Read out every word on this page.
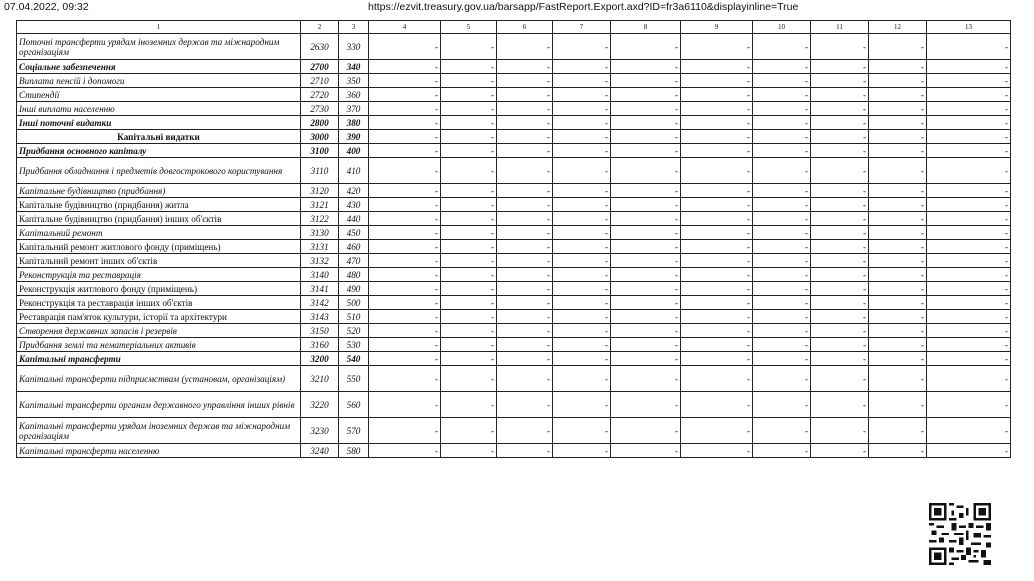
07.04.2022, 09:32	https://ezvit.treasury.gov.ua/barsapp/FastReport.Export.axd?ID=fr3a6110&displayinline=True
1	2	3	4	5	6	7	8	9	10	11	12	13
Поточні трансферти урядам іноземних держав та міжнародним організаціям	2630	330	-	-	-	-	-	-	-	-	-	-
Соціальне забезпечення	2700	340	-	-	-	-	-	-	-	-	-	-
Виплата пенсій і допомоги	2710	350	-	-	-	-	-	-	-	-	-	-
Стипендії	2720	360	-	-	-	-	-	-	-	-	-	-
Інші виплати населенню	2730	370	-	-	-	-	-	-	-	-	-	-
Інші поточні видатки	2800	380	-	-	-	-	-	-	-	-	-	-
Капітальні видатки	3000	390	-	-	-	-	-	-	-	-	-	-
Придбання основного капіталу	3100	400	-	-	-	-	-	-	-	-	-	-
Придбання обладнання і предметів довгострокового користування	3110	410	-	-	-	-	-	-	-	-	-	-
Капітальне будівництво (придбання)	3120	420	-	-	-	-	-	-	-	-	-	-
Капітальне будівництво (придбання) житла	3121	430	-	-	-	-	-	-	-	-	-	-
Капітальне будівництво (придбання) інших об'єктів	3122	440	-	-	-	-	-	-	-	-	-	-
Капітальний ремонт	3130	450	-	-	-	-	-	-	-	-	-	-
Капітальний ремонт житлового фонду (приміщень)	3131	460	-	-	-	-	-	-	-	-	-	-
Капітальний ремонт інших об'єктів	3132	470	-	-	-	-	-	-	-	-	-	-
Реконструкція та реставрація	3140	480	-	-	-	-	-	-	-	-	-	-
Реконструкція житлового фонду (приміщень)	3141	490	-	-	-	-	-	-	-	-	-	-
Реконструкція та реставрація інших об'єктів	3142	500	-	-	-	-	-	-	-	-	-	-
Реставрація пам'яток культури, історії та архітектури	3143	510	-	-	-	-	-	-	-	-	-	-
Створення державних запасів і резервів	3150	520	-	-	-	-	-	-	-	-	-	-
Придбання землі та нематеріальних активів	3160	530	-	-	-	-	-	-	-	-	-	-
Капітальні трансферти	3200	540	-	-	-	-	-	-	-	-	-	-
Капітальні трансферти підприємствам (установам, організаціям)	3210	550	-	-	-	-	-	-	-	-	-	-
Капітальні трансферти органам державного управління інших рівнів	3220	560	-	-	-	-	-	-	-	-	-	-
Капітальні трансферти урядам іноземних держав та міжнародним організаціям	3230	570	-	-	-	-	-	-	-	-	-	-
Капітальні трансферти населенню	3240	580	-	-	-	-	-	-	-	-	-	-
